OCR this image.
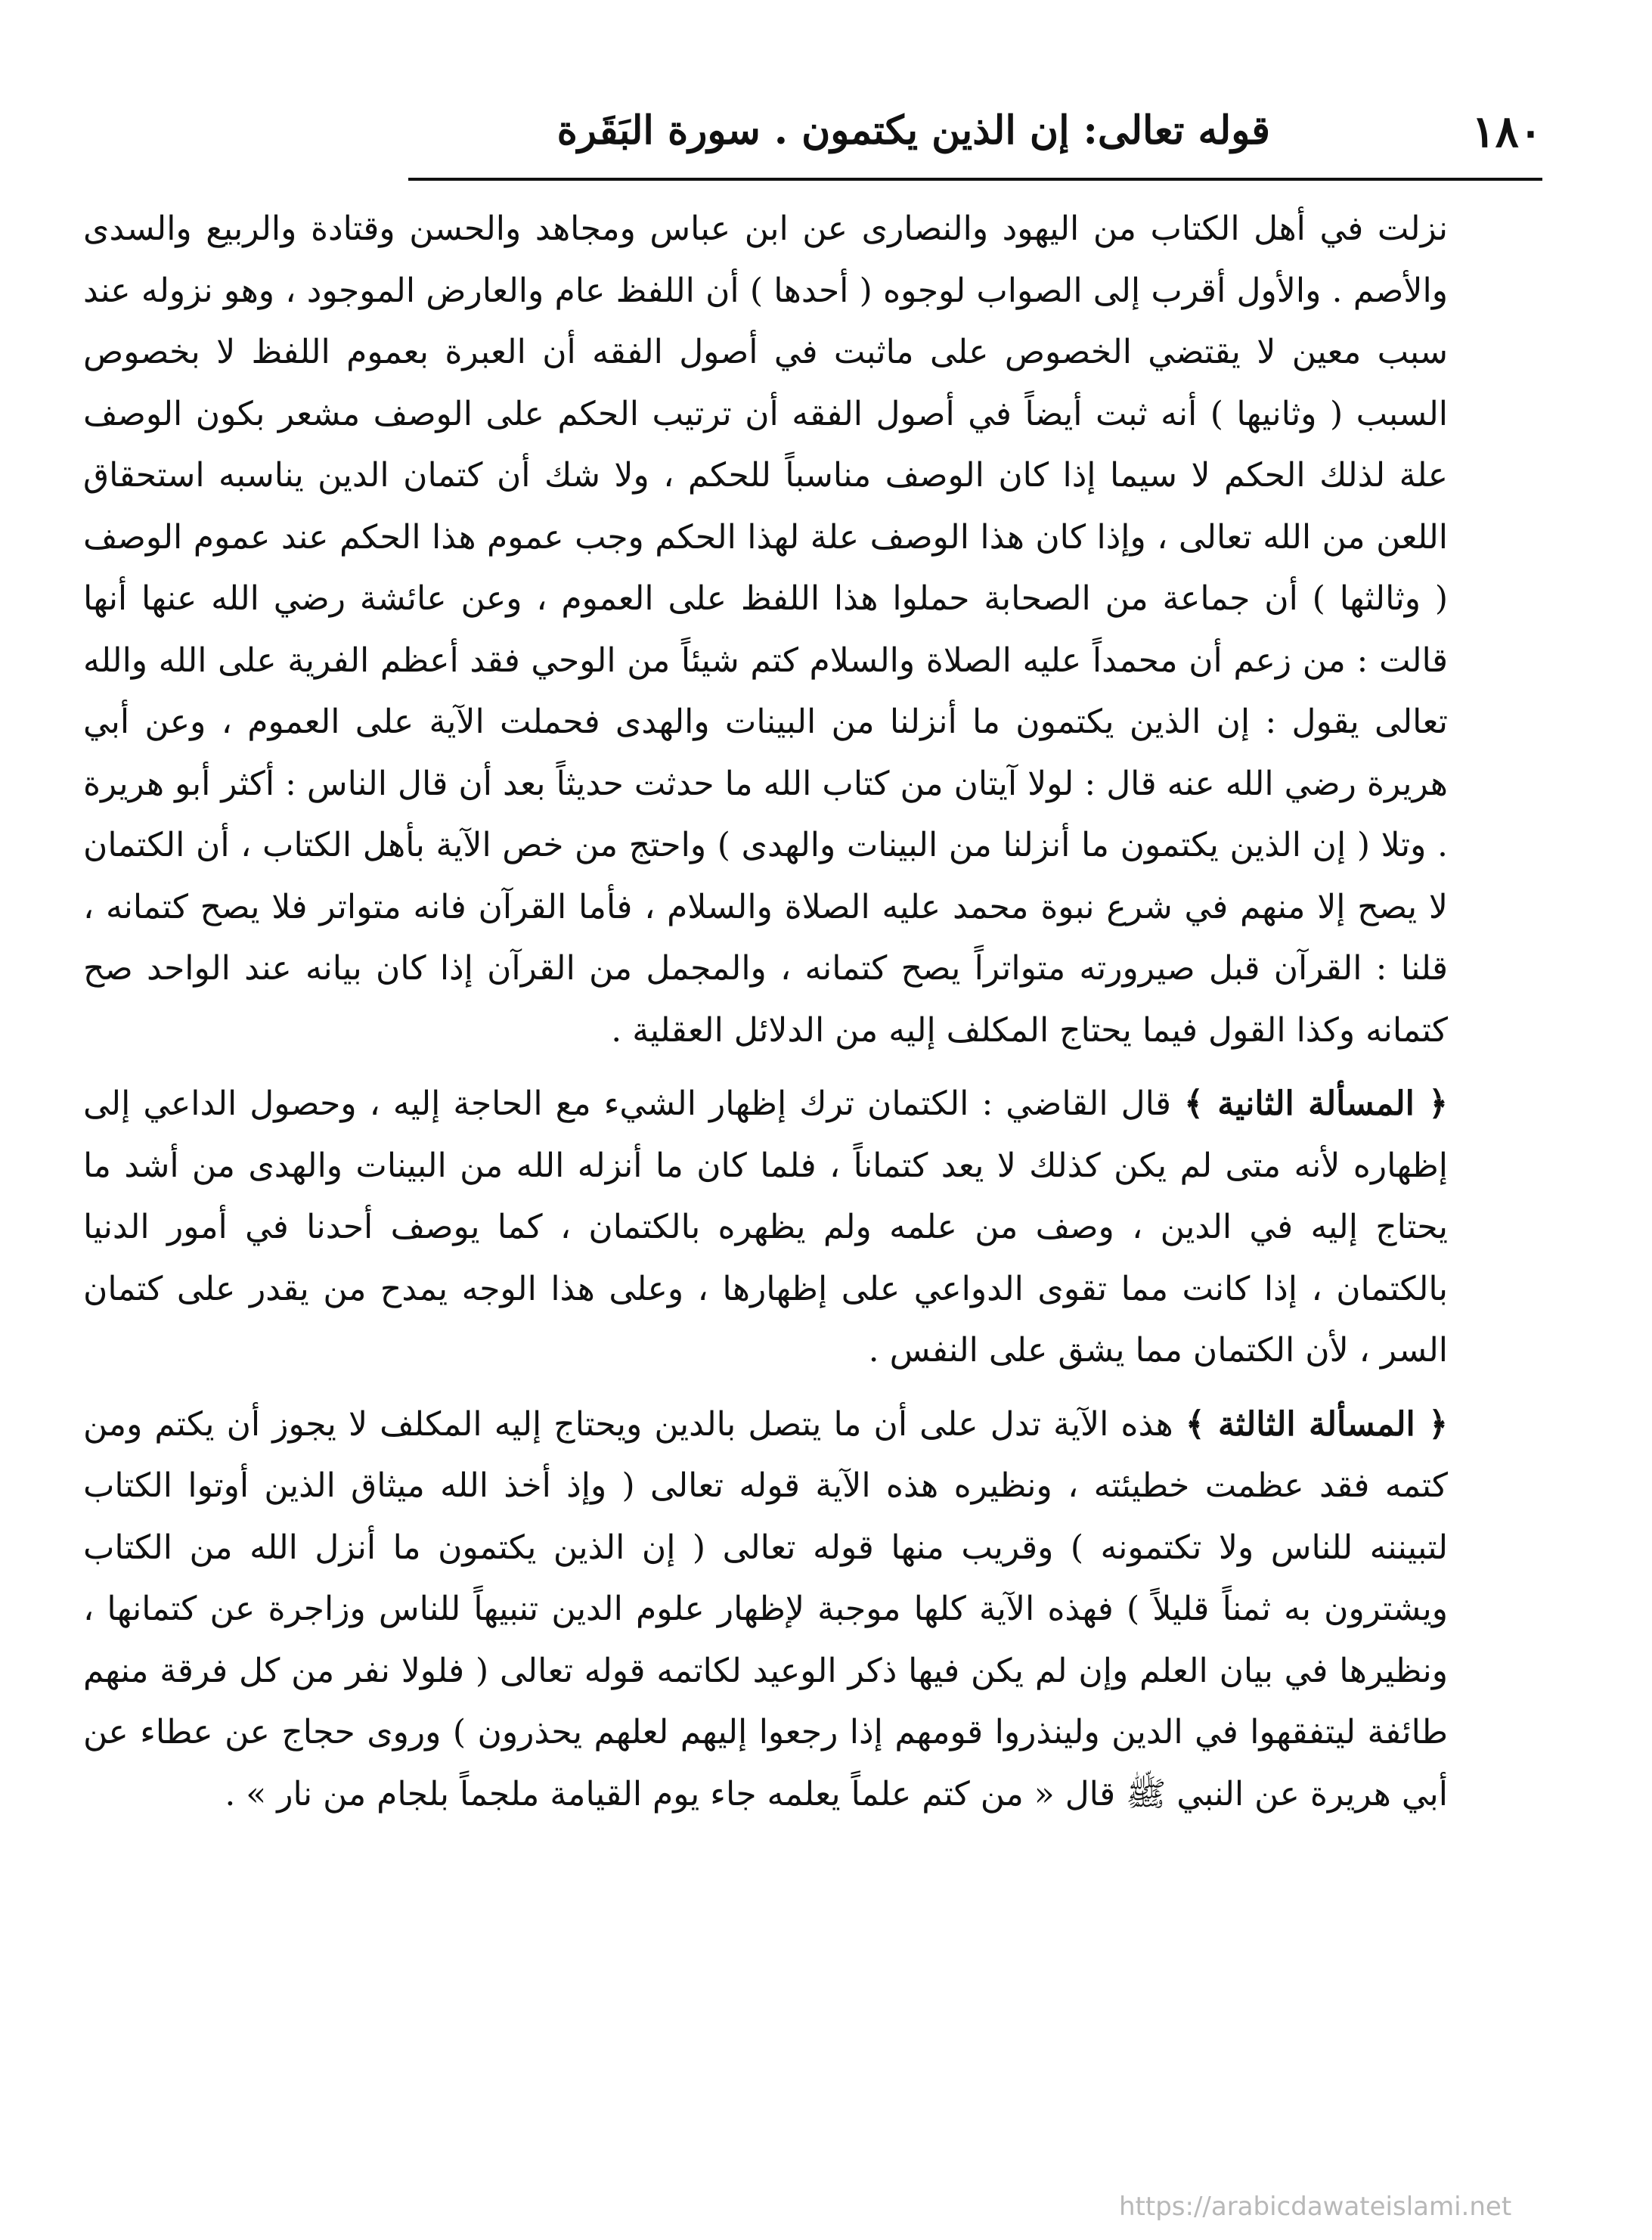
١٨٠
قوله تعالى: إن الذين يكتمون . سورة البَقَرة

نزلت في أهل الكتاب من اليهود والنصارى عن ابن عباس ومجاهد والحسن وقتادة والربيع والسدى والأصم . والأول أقرب إلى الصواب لوجوه ( أحدها ) أن اللفظ عام والعارض الموجود ، وهو نزوله عند سبب معين لا يقتضي الخصوص على ماثبت في أصول الفقه أن العبرة بعموم اللفظ لا بخصوص السبب ( وثانيها ) أنه ثبت أيضاً في أصول الفقه أن ترتيب الحكم على الوصف مشعر بكون الوصف علة لذلك الحكم لا سيما إذا كان الوصف مناسباً للحكم ، ولا شك أن كتمان الدين يناسبه استحقاق اللعن من الله تعالى ، وإذا كان هذا الوصف علة لهذا الحكم وجب عموم هذا الحكم عند عموم الوصف ( وثالثها ) أن جماعة من الصحابة حملوا هذا اللفظ على العموم ، وعن عائشة رضي الله عنها أنها قالت : من زعم أن محمداً عليه الصلاة والسلام كتم شيئاً من الوحي فقد أعظم الفرية على الله والله تعالى يقول : إن الذين يكتمون ما أنزلنا من البينات والهدى فحملت الآية على العموم ، وعن أبي هريرة رضي الله عنه قال : لولا آيتان من كتاب الله ما حدثت حديثاً بعد أن قال الناس : أكثر أبو هريرة . وتلا ( إن الذين يكتمون ما أنزلنا من البينات والهدى ) واحتج من خص الآية بأهل الكتاب ، أن الكتمان لا يصح إلا منهم في شرع نبوة محمد عليه الصلاة والسلام ، فأما القرآن فانه متواتر فلا يصح كتمانه ، قلنا : القرآن قبل صيرورته متواتراً يصح كتمانه ، والمجمل من القرآن إذا كان بيانه عند الواحد صح كتمانه وكذا القول فيما يحتاج المكلف إليه من الدلائل العقلية .

﴿ المسألة الثانية ﴾ قال القاضي : الكتمان ترك إظهار الشيء مع الحاجة إليه ، وحصول الداعي إلى إظهاره لأنه متى لم يكن كذلك لا يعد كتماناً ، فلما كان ما أنزله الله من البينات والهدى من أشد ما يحتاج إليه في الدين ، وصف من علمه ولم يظهره بالكتمان ، كما يوصف أحدنا في أمور الدنيا بالكتمان ، إذا كانت مما تقوى الدواعي على إظهارها ، وعلى هذا الوجه يمدح من يقدر على كتمان السر ، لأن الكتمان مما يشق على النفس .

﴿ المسألة الثالثة ﴾ هذه الآية تدل على أن ما يتصل بالدين ويحتاج إليه المكلف لا يجوز أن يكتم ومن كتمه فقد عظمت خطيئته ، ونظيره هذه الآية قوله تعالى ( وإذ أخذ الله ميثاق الذين أوتوا الكتاب لتبيننه للناس ولا تكتمونه ) وقريب منها قوله تعالى ( إن الذين يكتمون ما أنزل الله من الكتاب ويشترون به ثمناً قليلاً ) فهذه الآية كلها موجبة لإظهار علوم الدين تنبيهاً للناس وزاجرة عن كتمانها ، ونظيرها في بيان العلم وإن لم يكن فيها ذكر الوعيد لكاتمه قوله تعالى ( فلولا نفر من كل فرقة منهم طائفة ليتفقهوا في الدين ولينذروا قومهم إذا رجعوا إليهم لعلهم يحذرون ) وروى حجاج عن عطاء عن أبي هريرة عن النبي ﷺ قال « من كتم علماً يعلمه جاء يوم القيامة ملجماً بلجام من نار » .

https://arabicdawateislami.net
